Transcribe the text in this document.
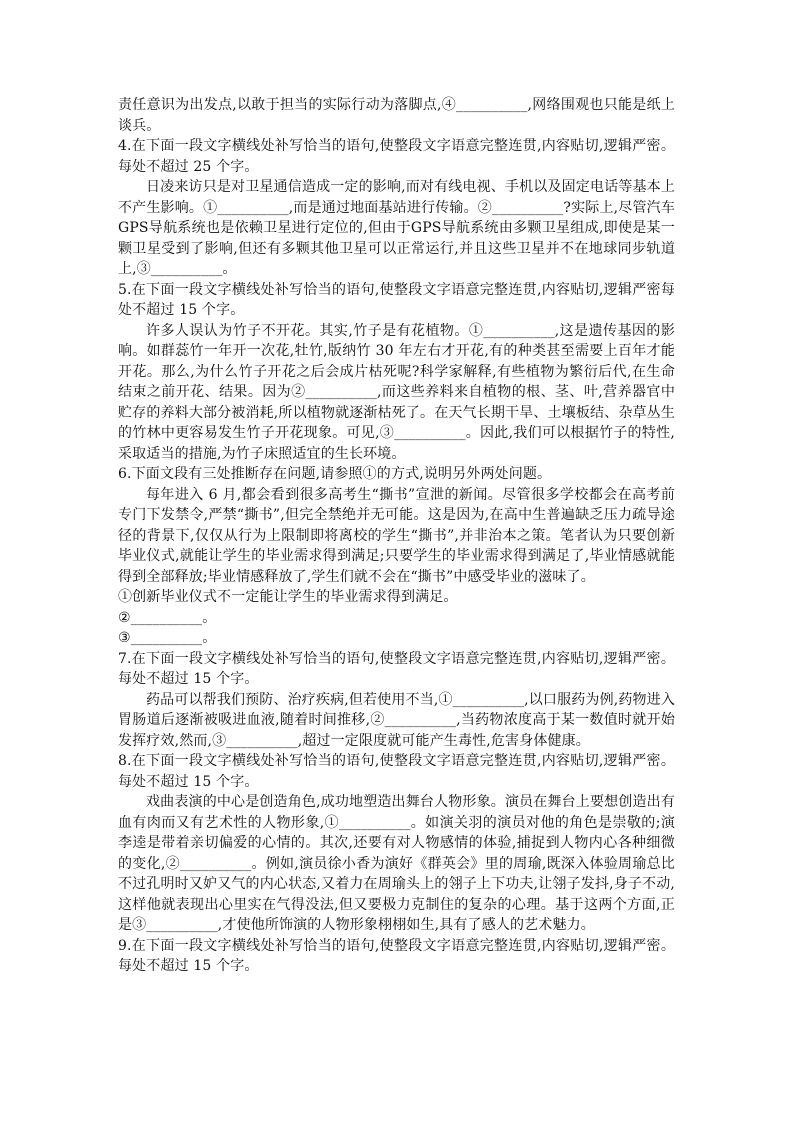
责任意识为出发点,以敢于担当的实际行动为落脚点,④__________,网络围观也只能是纸上谈兵。

4.在下面一段文字横线处补写恰当的语句,使整段文字语意完整连贯,内容贴切,逻辑严密。每处不超过 25 个字。

日凌来访只是对卫星通信造成一定的影响,而对有线电视、手机以及固定电话等基本上不产生影响。①__________,而是通过地面基站进行传输。②__________?实际上,尽管汽车GPS导航系统也是依赖卫星进行定位的,但由于GPS导航系统由多颗卫星组成,即使是某一颗卫星受到了影响,但还有多颗其他卫星可以正常运行,并且这些卫星并不在地球同步轨道上,③__________。

5.在下面一段文字横线处补写恰当的语句,使整段文字语意完整连贯,内容贴切,逻辑严密每处不超过 15 个字。

许多人误认为竹子不开花。其实,竹子是有花植物。①__________,这是遗传基因的影响。如群蕊竹一年开一次花,牡竹,版纳竹 30 年左右才开花,有的种类甚至需要上百年才能开花。那么,为什么竹子开花之后会成片枯死呢?科学家解释,有些植物为繁衍后代,在生命结束之前开花、结果。因为②__________,而这些养料来自植物的根、茎、叶,营养器官中贮存的养料大部分被消耗,所以植物就逐渐枯死了。在天气长期干旱、土壤板结、杂草丛生的竹林中更容易发生竹子开花现象。可见,③__________。因此,我们可以根据竹子的特性,采取适当的措施,为竹子床照适宜的生长环境。

6.下面文段有三处推断存在问题,请参照①的方式,说明另外两处问题。

每年进入 6 月,都会看到很多高考生“撕书”宣泄的新闻。尽管很多学校都会在高考前专门下发禁令,严禁“撕书”,但完全禁绝并无可能。这是因为,在高中生普遍缺乏压力疏导途径的背景下,仅仅从行为上限制即将离校的学生“撕书”,并非治本之策。笔者认为只要创新毕业仪式,就能让学生的毕业需求得到满足;只要学生的毕业需求得到满足了,毕业情感就能得到全部释放;毕业情感释放了,学生们就不会在“撕书”中感受毕业的滋味了。

①创新毕业仪式不一定能让学生的毕业需求得到满足。

②__________。

③__________。

7.在下面一段文字横线处补写恰当的语句,使整段文字语意完整连贯,内容贴切,逻辑严密。每处不超过 15 个字。

药品可以帮我们预防、治疗疾病,但若使用不当,①__________,以口服药为例,药物进入胃肠道后逐渐被吸进血液,随着时间推移,②__________,当药物浓度高于某一数值时就开始发挥疗效,然而,③__________,超过一定限度就可能产生毒性,危害身体健康。

8.在下面一段文字横线处补写恰当的语句,使整段文字语意完整连贯,内容贴切,逻辑严密。每处不超过 15 个字。

戏曲表演的中心是创造角色,成功地塑造出舞台人物形象。演员在舞台上要想创造出有血有肉而又有艺术性的人物形象,①__________。如演关羽的演员对他的角色是崇敬的;演李逵是带着亲切偏爱的心情的。其次,还要有对人物感情的体验,捕捉到人物内心各种细微的变化,②__________。例如,演员徐小香为演好《群英会》里的周瑜,既深入体验周瑜总比不过孔明时又妒又气的内心状态,又着力在周瑜头上的翎子上下功夫,让翎子发抖,身子不动,这样他就表现出心里实在气得没法,但又要极力克制住的复杂的心理。基于这两个方面,正是③__________,才使他所饰演的人物形象栩栩如生,具有了感人的艺术魅力。

9.在下面一段文字横线处补写恰当的语句,使整段文字语意完整连贯,内容贴切,逻辑严密。每处不超过 15 个字。
